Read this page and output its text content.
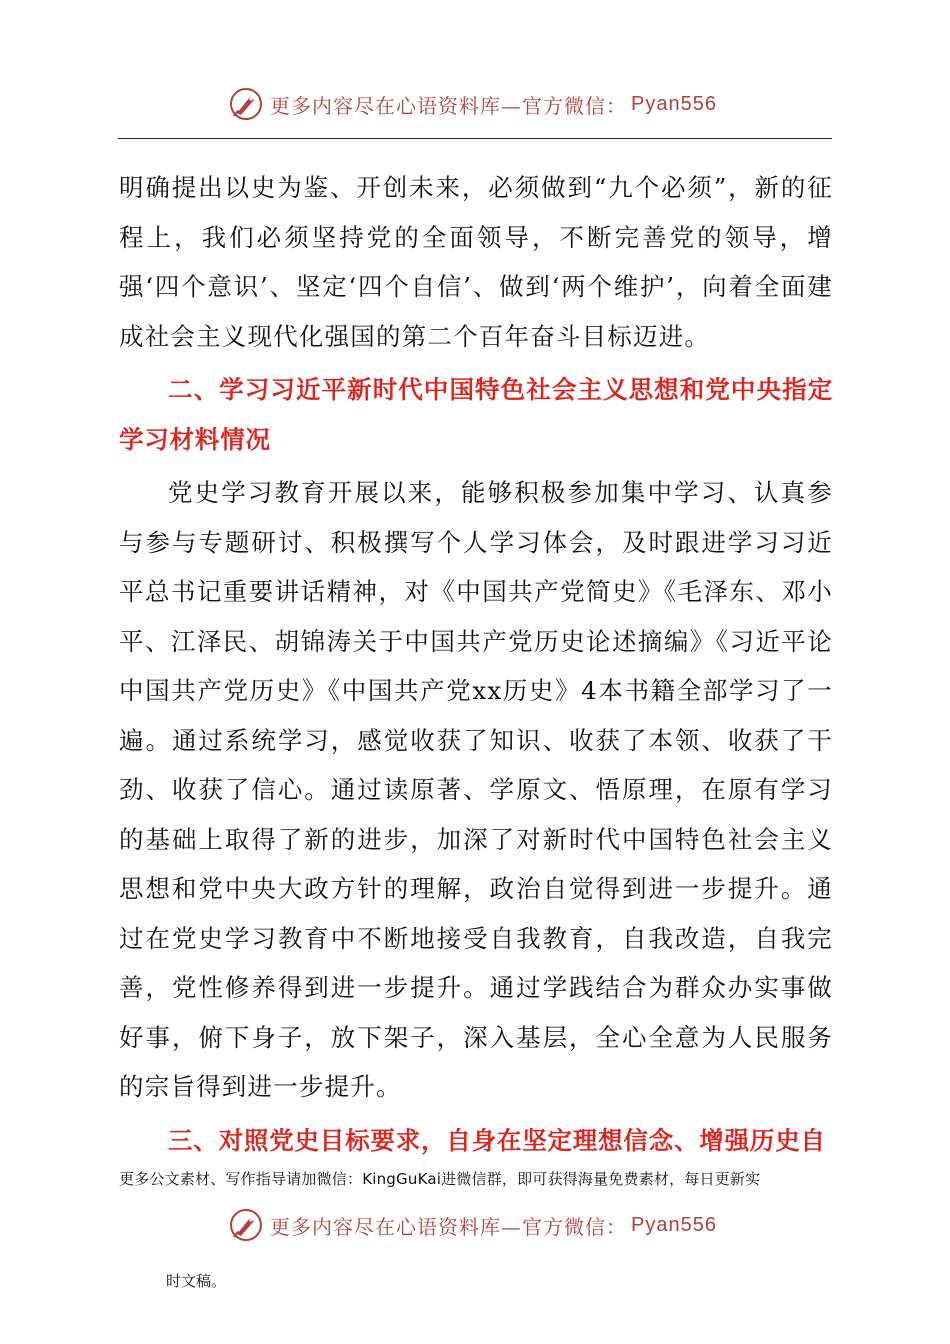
更多内容尽在心语资料库—官方微信： Pyan556

明确提出以史为鉴、开创未来，必须做到“九个必须”，新的征程上，我们必须坚持党的全面领导，不断完善党的领导，增强‘四个意识’、坚定‘四个自信’、做到‘两个维护’，向着全面建成社会主义现代化强国的第二个百年奋斗目标迈进。

二、学习习近平新时代中国特色社会主义思想和党中央指定学习材料情况

党史学习教育开展以来，能够积极参加集中学习、认真参与参与专题研讨、积极撰写个人学习体会，及时跟进学习习近平总书记重要讲话精神，对《中国共产党简史》《毛泽东、邓小平、江泽民、胡锦涛关于中国共产党历史论述摘编》《习近平论中国共产党历史》《中国共产党xx历史》4本书籍全部学习了一遍。通过系统学习，感觉收获了知识、收获了本领、收获了干劲、收获了信心。通过读原著、学原文、悟原理，在原有学习的基础上取得了新的进步，加深了对新时代中国特色社会主义思想和党中央大政方针的理解，政治自觉得到进一步提升。通过在党史学习教育中不断地接受自我教育，自我改造，自我完善，党性修养得到进一步提升。通过学践结合为群众办实事做好事，俯下身子，放下架子，深入基层，全心全意为人民服务的宗旨得到进一步提升。

三、对照党史目标要求，自身在坚定理想信念、增强历史自

更多公文素材、写作指导请加微信：KingGuKai进微信群，即可获得海量免费素材，每日更新实
更多内容尽在心语资料库—官方微信： Pyan556
时文稿。
